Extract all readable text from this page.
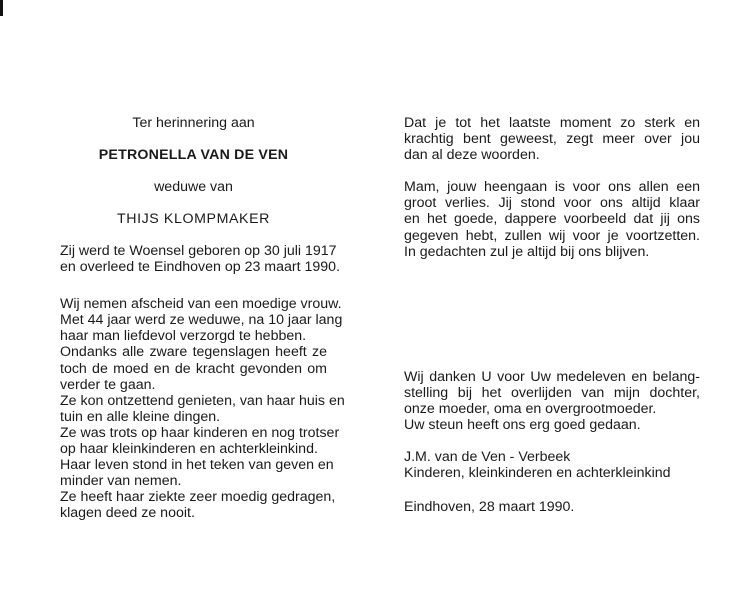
Ter herinnering aan
PETRONELLA VAN DE VEN
weduwe van
THIJS KLOMPMAKER
Zij werd te Woensel geboren op 30 juli 1917
en overleed te Eindhoven op 23 maart 1990.
Wij nemen afscheid van een moedige vrouw.
Met 44 jaar werd ze weduwe, na 10 jaar lang
haar man liefdevol verzorgd te hebben.
Ondanks alle zware tegenslagen heeft ze
toch de moed en de kracht gevonden om
verder te gaan.
Ze kon ontzettend genieten, van haar huis en
tuin en alle kleine dingen.
Ze was trots op haar kinderen en nog trotser
op haar kleinkinderen en achterkleinkind.
Haar leven stond in het teken van geven en
minder van nemen.
Ze heeft haar ziekte zeer moedig gedragen,
klagen deed ze nooit.
Dat je tot het laatste moment zo sterk en
krachtig bent geweest, zegt meer over jou
dan al deze woorden.
Mam, jouw heengaan is voor ons allen een
groot verlies. Jij stond voor ons altijd klaar
en het goede, dappere voorbeeld dat jij ons
gegeven hebt, zullen wij voor je voortzetten.
In gedachten zul je altijd bij ons blijven.
Wij danken U voor Uw medeleven en belang-
stelling bij het overlijden van mijn dochter,
onze moeder, oma en overgrootmoeder.
Uw steun heeft ons erg goed gedaan.
J.M. van de Ven - Verbeek
Kinderen, kleinkinderen en achterkleinkind
Eindhoven, 28 maart 1990.
